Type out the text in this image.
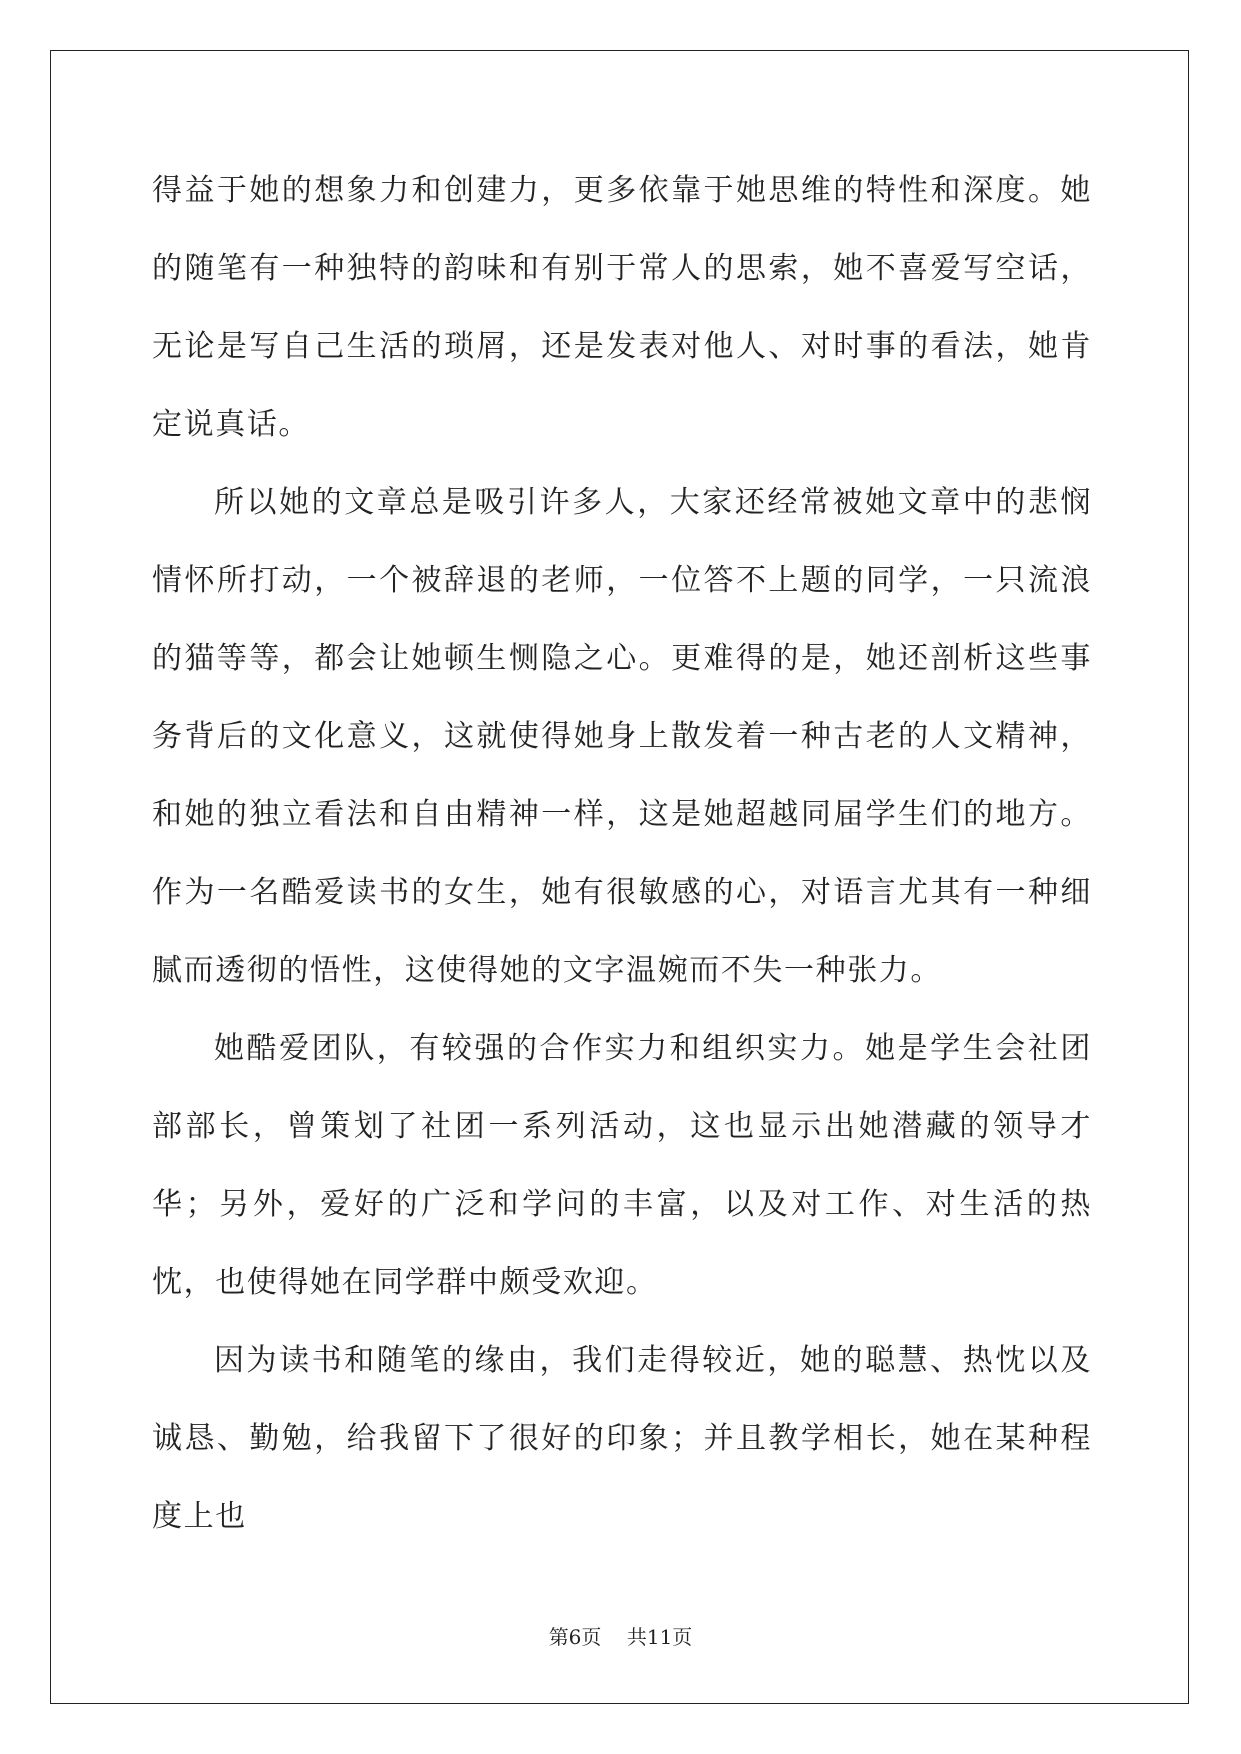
得益于她的想象力和创建力，更多依靠于她思维的特性和深度。她的随笔有一种独特的韵味和有别于常人的思索，她不喜爱写空话，无论是写自己生活的琐屑，还是发表对他人、对时事的看法，她肯定说真话。

所以她的文章总是吸引许多人，大家还经常被她文章中的悲悯情怀所打动，一个被辞退的老师，一位答不上题的同学，一只流浪的猫等等，都会让她顿生恻隐之心。更难得的是，她还剖析这些事务背后的文化意义，这就使得她身上散发着一种古老的人文精神，和她的独立看法和自由精神一样，这是她超越同届学生们的地方。作为一名酷爱读书的女生，她有很敏感的心，对语言尤其有一种细腻而透彻的悟性，这使得她的文字温婉而不失一种张力。

她酷爱团队，有较强的合作实力和组织实力。她是学生会社团部部长，曾策划了社团一系列活动，这也显示出她潜藏的领导才华；另外，爱好的广泛和学问的丰富，以及对工作、对生活的热忱，也使得她在同学群中颇受欢迎。

因为读书和随笔的缘由，我们走得较近，她的聪慧、热忱以及诚恳、勤勉，给我留下了很好的印象；并且教学相长，她在某种程度上也

第6页 共11页
